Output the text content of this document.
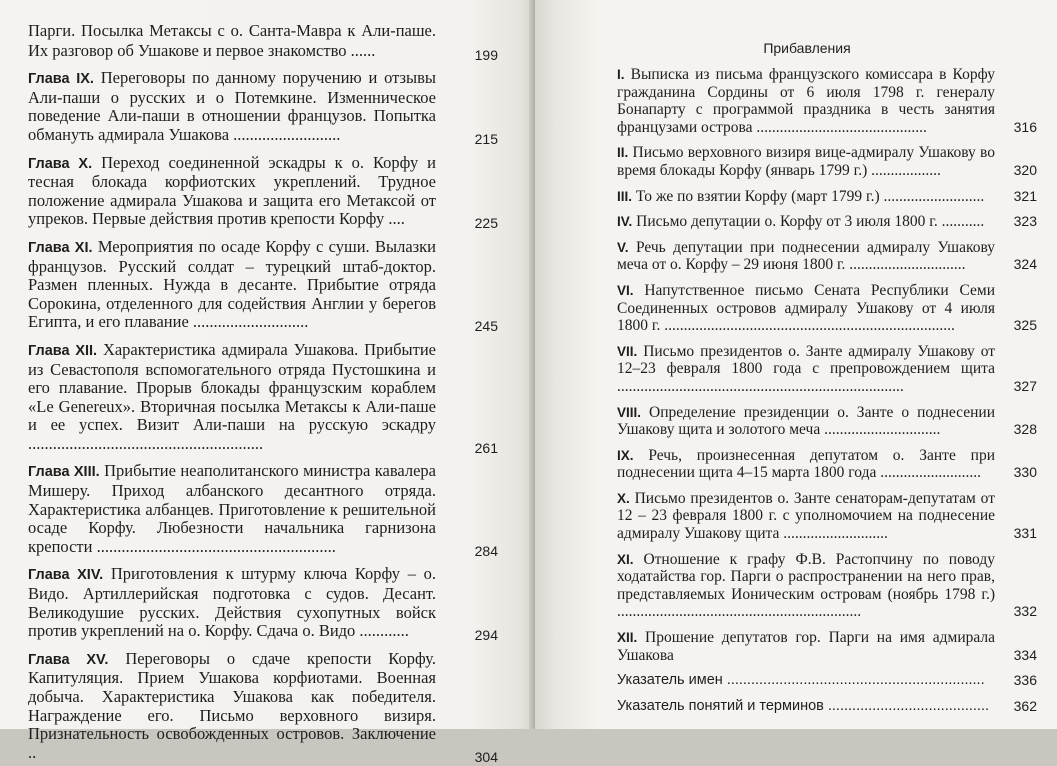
Парги. Посылка Метаксы с о. Санта-Мавра к Али-паше. Их разговор об Ушакове и первое знакомство ......	199
Глава IX. Переговоры по данному поручению и отзывы Али-паши о русских и о Потемкине. Изменническое поведение Али-паши в отношении французов. Попытка обмануть адмирала Ушакова ..........................	215
Глава X. Переход соединенной эскадры к о. Корфу и тесная блокада корфиотских укреплений. Трудное положение адмирала Ушакова и защита его Метаксой от упреков. Первые действия против крепости Корфу ....	225
Глава XI. Мероприятия по осаде Корфу с суши. Вылазки французов. Русский солдат – турецкий штаб-доктор. Размен пленных. Нужда в десанте. Прибытие отряда Сорокина, отделенного для содействия Англии у берегов Египта, и его плавание ............................	245
Глава XII. Характеристика адмирала Ушакова. Прибытие из Севастополя вспомогательного отряда Пустошкина и его плавание. Прорыв блокады французским кораблем «Le Genereux». Вторичная посылка Метаксы к Али-паше и ее успех. Визит Али-паши на русскую эскадру .........................................................	261
Глава XIII. Прибытие неаполитанского министра кавалера Мишеру. Приход албанского десантного отряда. Характеристика албанцев. Приготовление к решительной осаде Корфу. Любезности начальника гарнизона крепости ..........................................................	284
Глава XIV. Приготовления к штурму ключа Корфу – о. Видо. Артиллерийская подготовка с судов. Десант. Великодушие русских. Действия сухопутных войск против укреплений на о. Корфу. Сдача о. Видо ............	294
Глава XV. Переговоры о сдаче крепости Корфу. Капитуляция. Прием Ушакова корфиотами. Военная добыча. Характеристика Ушакова как победителя. Награждение его. Письмо верховного визиря. Признательность освобожденных островов. Заключение ..	304
Прибавления
I. Выписка из письма французского комиссара в Корфу гражданина Сордины от 6 июля 1798 г. генералу Бонапарту с программой праздника в честь занятия французами острова ............................................	316
II. Письмо верховного визиря вице-адмиралу Ушакову во время блокады Корфу (январь 1799 г.) ..................	320
III. То же по взятии Корфу (март 1799 г.) ..........................	321
IV. Письмо депутации о. Корфу от 3 июля 1800 г. ...........	323
V. Речь депутации при поднесении адмиралу Ушакову меча от о. Корфу – 29 июня 1800 г. ..............................	324
VI. Напутственное письмо Сената Республики Семи Соединенных островов адмиралу Ушакову от 4 июля 1800 г. ...........................................................................	325
VII. Письмо президентов о. Занте адмиралу Ушакову от 12–23 февраля 1800 года с препровождением щита ..........................................................................	327
VIII. Определение президенции о. Занте о поднесении Ушакову щита и золотого меча ..............................	328
IX. Речь, произнесенная депутатом о. Занте при поднесении щита 4–15 марта 1800 года ..........................	330
X. Письмо президентов о. Занте сенаторам-депутатам от 12 – 23 февраля 1800 г. с уполномочием на поднесение адмиралу Ушакову щита ...........................	331
XI. Отношение к графу Ф.В. Растопчину по поводу ходатайства гор. Парги о распространении на него прав, представляемых Ионическим островам (ноябрь 1798 г.) ...............................................................	332
XII. Прошение депутатов гор. Парги на имя адмирала Ушакова	334
Указатель имен ................................................................	336
Указатель понятий и терминов ........................................	362
